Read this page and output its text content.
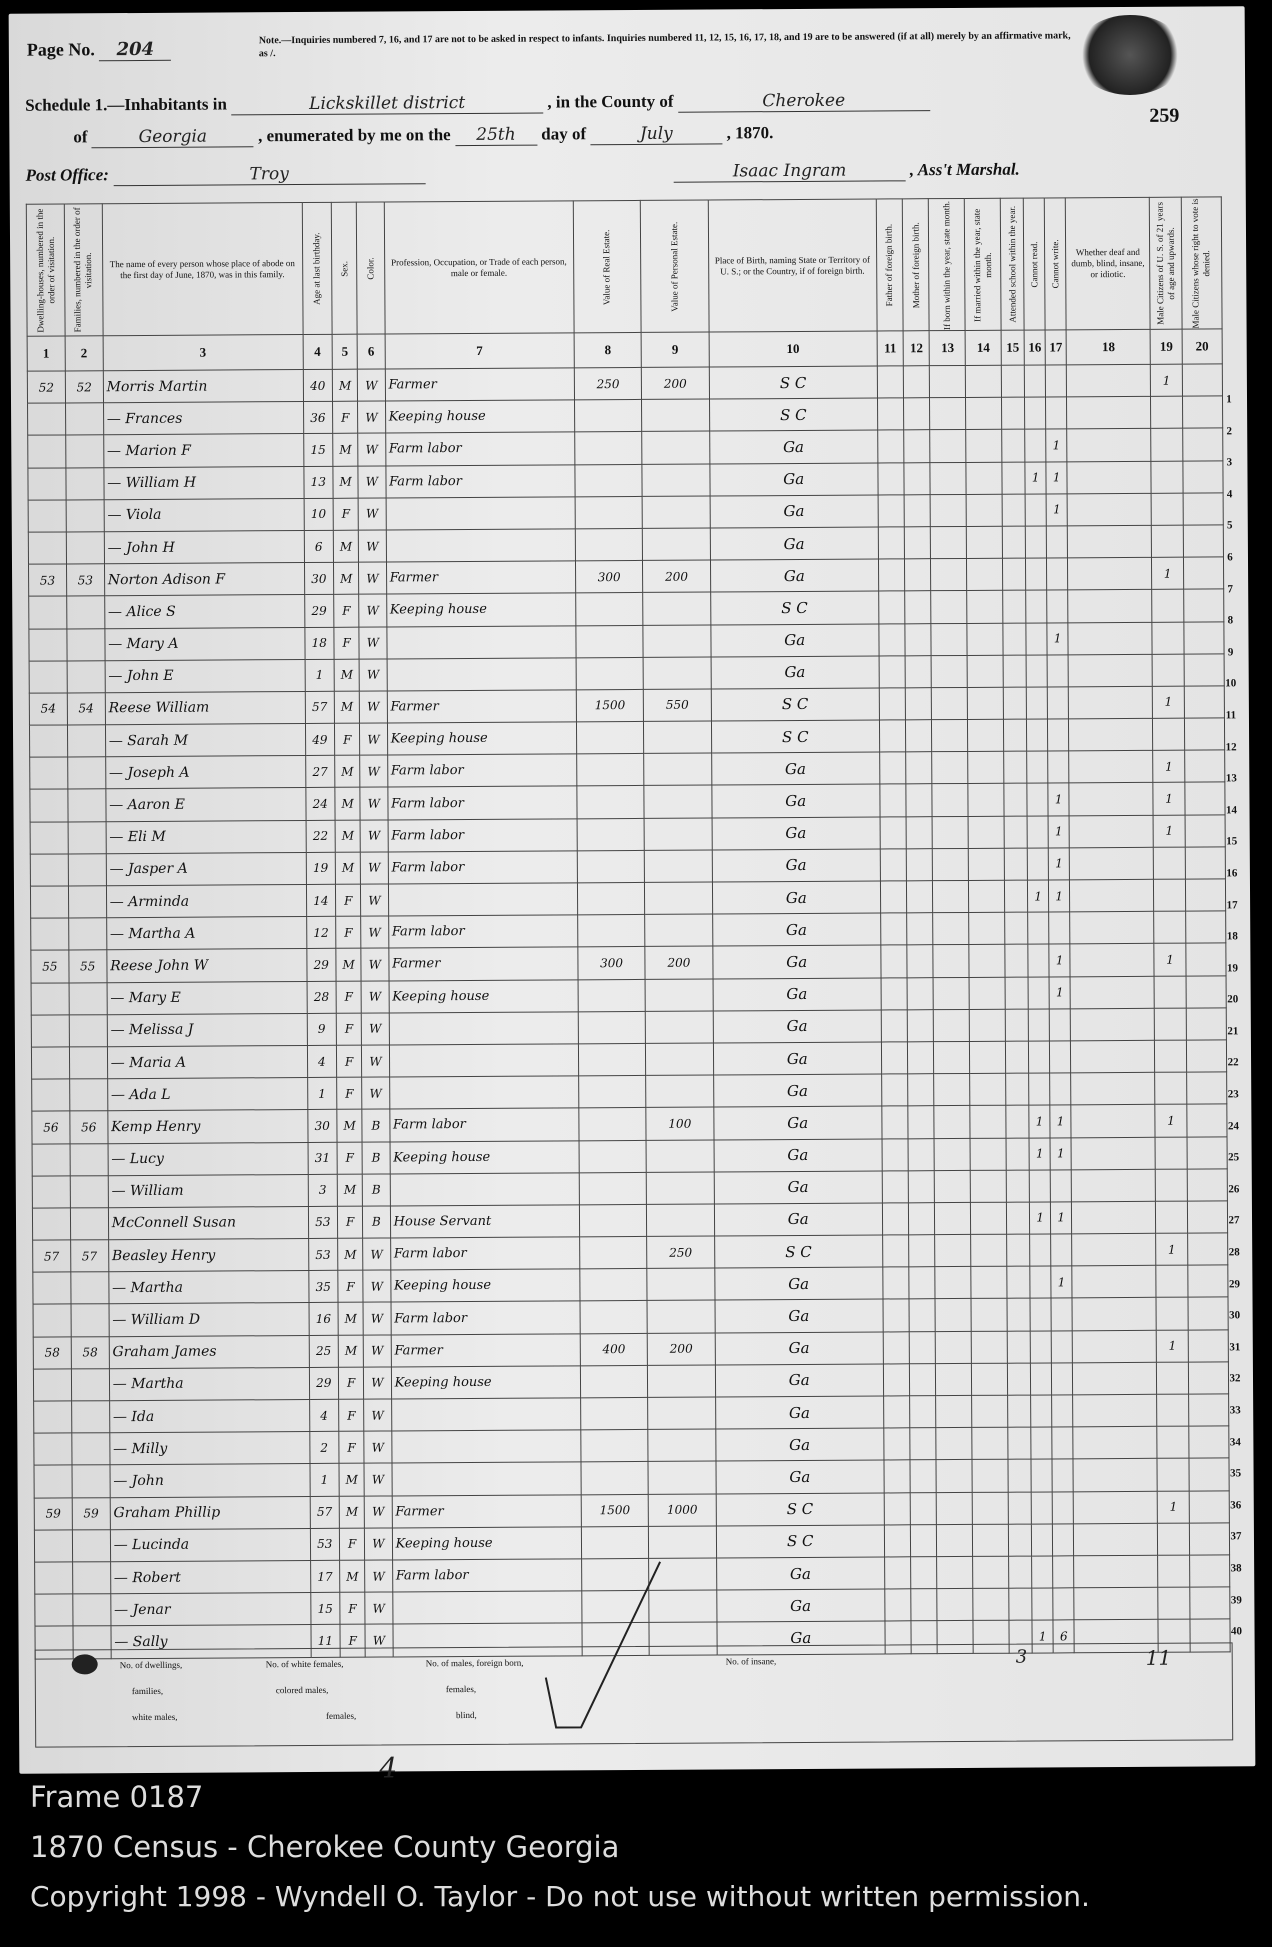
Page No. 204
Note.—Inquiries numbered 7, 16, and 17 are not to be asked in respect to infants. Inquiries numbered 11, 12, 15, 16, 17, 18, and 19 are to be answered (if at all) merely by an affirmative mark, as /.
259
Schedule 1.—Inhabitants in	Lickskillet district	, in the County of	Cherokee
of	Georgia	, enumerated by me on the 25th day of	July	, 1870.
Post Office:	Troy	Isaac Ingram	, Ass't Marshal.
Dwelling-houses, numbered in the order of visitation.	Families, numbered in the order of visitation.	The name of every person whose place of abode on the first day of June, 1870, was in this family.	Age at last birthday.	Sex.	Color.	Profession, Occupation, or Trade of each person, male or female.	Value of Real Estate.	Value of Personal Estate.	Place of Birth, naming State or Territory of U. S.; or the Country, if of foreign birth.	Father of foreign birth.	Mother of foreign birth.	If born within the year, state month.	If married within the year, state month.	Attended school within the year.	Cannot read.	Cannot write.	Whether deaf and dumb, blind, insane, or idiotic.	Male Citizens of U. S. of 21 years of age and upwards.	Male Citizens whose right to vote is denied.
1	2	3	4	5	6	7	8	9	10	11	12	13	14	15	16	17	18	19	20
52	52	Morris Martin	40	M	W	Farmer	250	200	S C									1	
		— Frances	36	F	W	Keeping house			S C										
		— Marion F	15	M	W	Farm labor			Ga							1			
		— William H	13	M	W	Farm labor			Ga						1	1			
		— Viola	10	F	W				Ga							1			
		— John H	6	M	W				Ga										
53	53	Norton Adison F	30	M	W	Farmer	300	200	Ga									1	
		— Alice S	29	F	W	Keeping house			S C										
		— Mary A	18	F	W				Ga							1			
		— John E	1	M	W				Ga										
54	54	Reese William	57	M	W	Farmer	1500	550	S C									1	
		— Sarah M	49	F	W	Keeping house			S C										
		— Joseph A	27	M	W	Farm labor			Ga									1	
		— Aaron E	24	M	W	Farm labor			Ga							1		1	
		— Eli M	22	M	W	Farm labor			Ga							1		1	
		— Jasper A	19	M	W	Farm labor			Ga							1			
		— Arminda	14	F	W				Ga						1	1			
		— Martha A	12	F	W	Farm labor			Ga										
55	55	Reese John W	29	M	W	Farmer	300	200	Ga							1		1	
		— Mary E	28	F	W	Keeping house			Ga							1			
		— Melissa J	9	F	W				Ga										
		— Maria A	4	F	W				Ga										
		— Ada L	1	F	W				Ga										
56	56	Kemp Henry	30	M	B	Farm labor		100	Ga						1	1		1	
		— Lucy	31	F	B	Keeping house			Ga						1	1			
		— William	3	M	B				Ga										
		McConnell Susan	53	F	B	House Servant			Ga						1	1			
57	57	Beasley Henry	53	M	W	Farm labor		250	S C									1	
		— Martha	35	F	W	Keeping house			Ga							1			
		— William D	16	M	W	Farm labor			Ga										
58	58	Graham James	25	M	W	Farmer	400	200	Ga									1	
		— Martha	29	F	W	Keeping house			Ga										
		— Ida	4	F	W				Ga										
		— Milly	2	F	W				Ga										
		— John	1	M	W				Ga										
59	59	Graham Phillip	57	M	W	Farmer	1500	1000	S C									1	
		— Lucinda	53	F	W	Keeping house			S C										
		— Robert	17	M	W	Farm labor			Ga										
		— Jenar	15	F	W				Ga										
		— Sally	11	F	W				Ga						1	6			
1
2
3
4
5
6
7
8
9
10
11
12
13
14
15
16
17
18
19
20
21
22
23
24
25
26
27
28
29
30
31
32
33
34
35
36
37
38
39
40
No. of dwellings,	No. of white females,	No. of males, foreign born,
families,	colored males,	females,
white males,	females,	blind,
No. of insane,	3	11
4
Frame 0187
1870 Census - Cherokee County Georgia
Copyright 1998 - Wyndell O. Taylor - Do not use without written permission.
